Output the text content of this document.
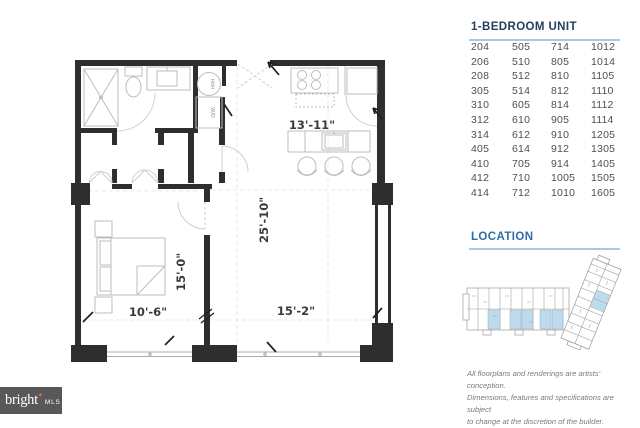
HWH
W/D
13'-11"
25'-10"
15'-0"
10'-6"	15'-2"
1-BEDROOM UNIT
204	505	714	1012
206	510	805	1014
208	512	810	1105
305	514	812	1110
310	605	814	1112
312	610	905	1114
314	612	910	1205
405	614	912	1305
410	705	914	1405
412	710	1005	1505
414	712	1010	1605
LOCATION
All floorplans and renderings are artists' conception.
Dimensions, features and specifications are subject
to change at the discretion of the builder.
bright ✷
MLS
